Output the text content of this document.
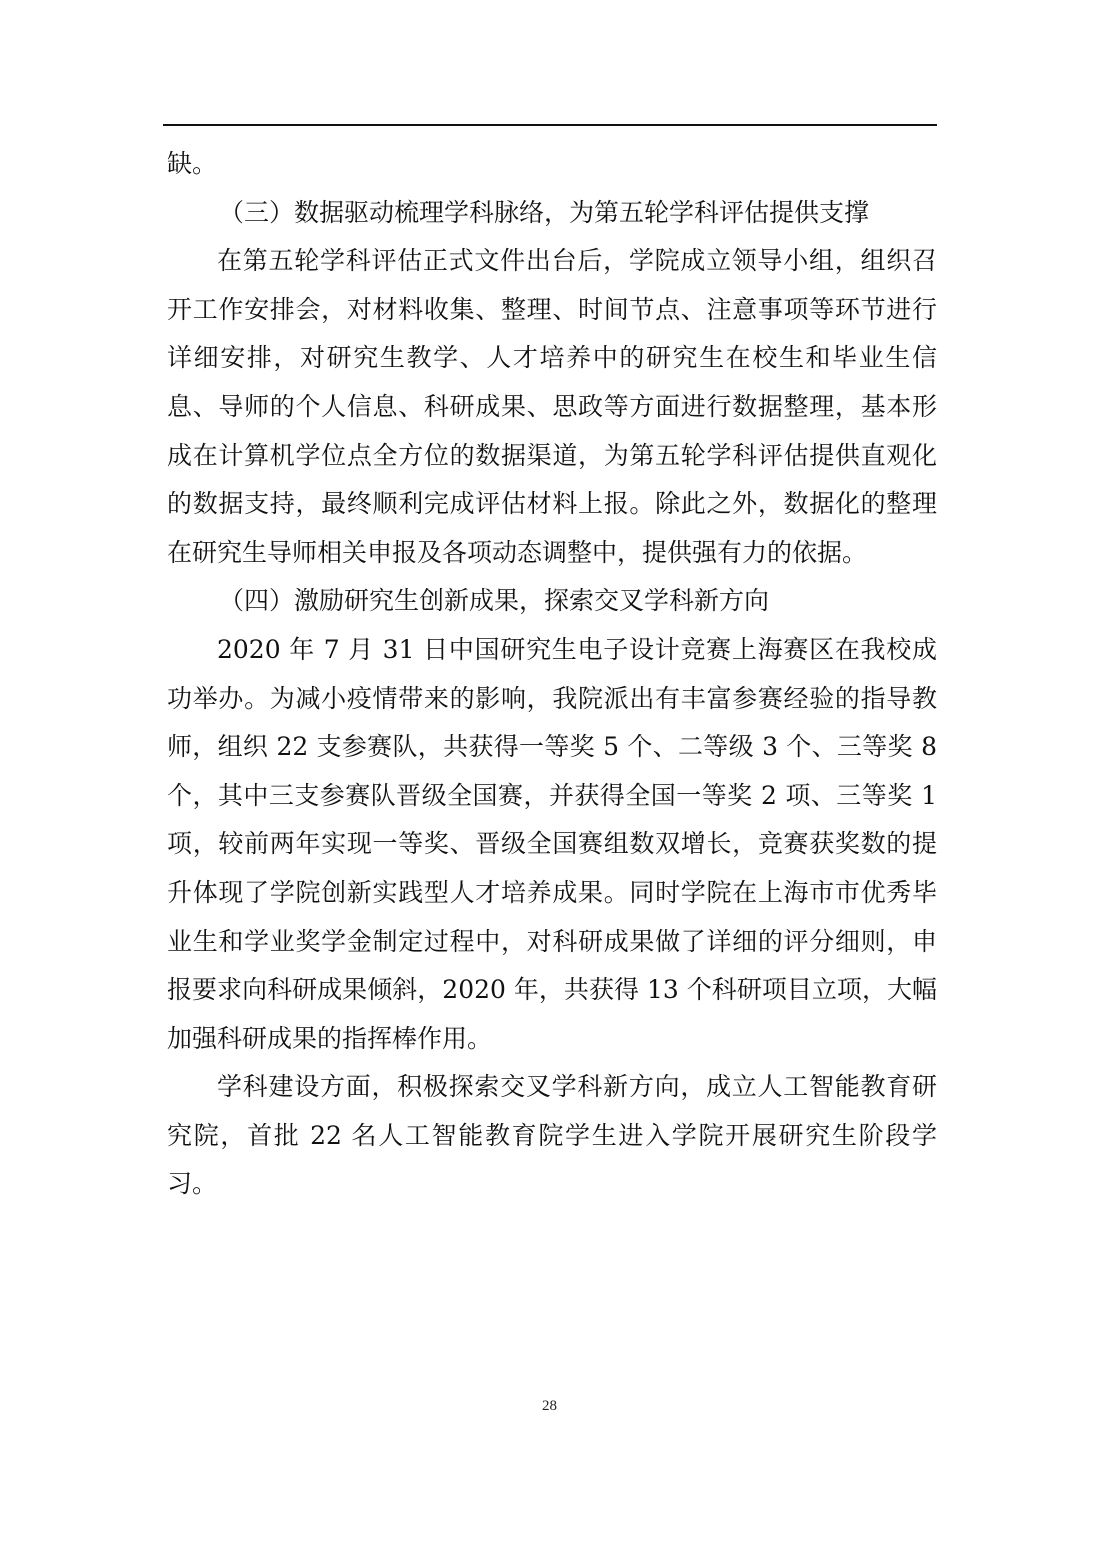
缺。

（三）数据驱动梳理学科脉络，为第五轮学科评估提供支撑

在第五轮学科评估正式文件出台后，学院成立领导小组，组织召开工作安排会，对材料收集、整理、时间节点、注意事项等环节进行详细安排，对研究生教学、人才培养中的研究生在校生和毕业生信息、导师的个人信息、科研成果、思政等方面进行数据整理，基本形成在计算机学位点全方位的数据渠道，为第五轮学科评估提供直观化的数据支持，最终顺利完成评估材料上报。除此之外，数据化的整理在研究生导师相关申报及各项动态调整中，提供强有力的依据。

（四）激励研究生创新成果，探索交叉学科新方向

2020 年 7 月 31 日中国研究生电子设计竞赛上海赛区在我校成功举办。为减小疫情带来的影响，我院派出有丰富参赛经验的指导教师，组织 22 支参赛队，共获得一等奖 5 个、二等级 3 个、三等奖 8 个，其中三支参赛队晋级全国赛，并获得全国一等奖 2 项、三等奖 1 项，较前两年实现一等奖、晋级全国赛组数双增长，竞赛获奖数的提升体现了学院创新实践型人才培养成果。同时学院在上海市市优秀毕业生和学业奖学金制定过程中，对科研成果做了详细的评分细则，申报要求向科研成果倾斜，2020 年，共获得 13 个科研项目立项，大幅加强科研成果的指挥棒作用。

学科建设方面，积极探索交叉学科新方向，成立人工智能教育研究院，首批 22 名人工智能教育院学生进入学院开展研究生阶段学习。

28
